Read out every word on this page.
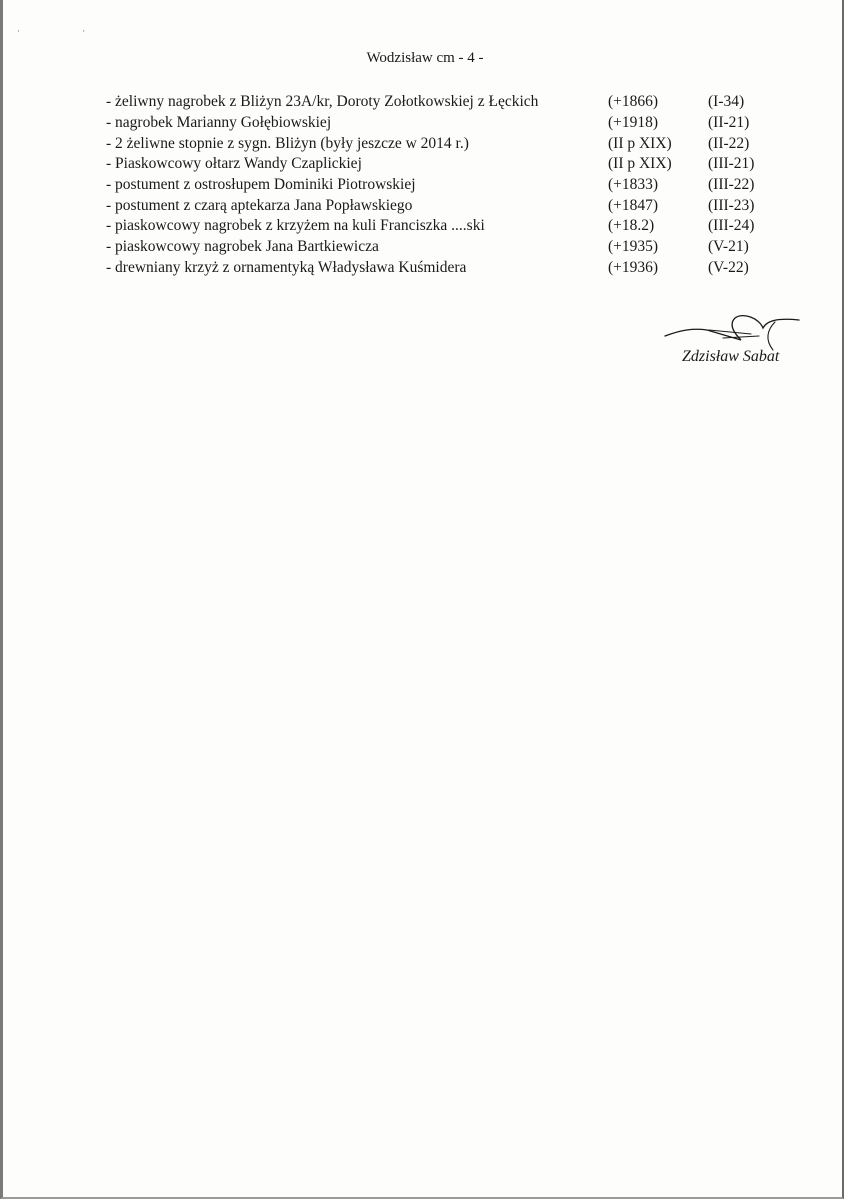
· ·
Wodzisław cm - 4 -
- żeliwny nagrobek z Bliżyn 23A/kr, Doroty Zołotkowskiej z Łęckich	(+1866)	(I-34)
- nagrobek Marianny Gołębiowskiej	(+1918)	(II-21)
- 2 żeliwne stopnie z sygn. Bliżyn (były jeszcze w 2014 r.)	(II p XIX)	(II-22)
- Piaskowcowy ołtarz Wandy Czaplickiej	(II p XIX)	(III-21)
- postument z ostrosłupem Dominiki Piotrowskiej	(+1833)	(III-22)
- postument z czarą aptekarza Jana Popławskiego	(+1847)	(III-23)
- piaskowcowy nagrobek z krzyżem na kuli Franciszka ....ski	(+18.2)	(III-24)
- piaskowcowy nagrobek Jana Bartkiewicza	(+1935)	(V-21)
- drewniany krzyż z ornamentyką Władysława Kuśmidera	(+1936)	(V-22)
Zdzisław Sabat
